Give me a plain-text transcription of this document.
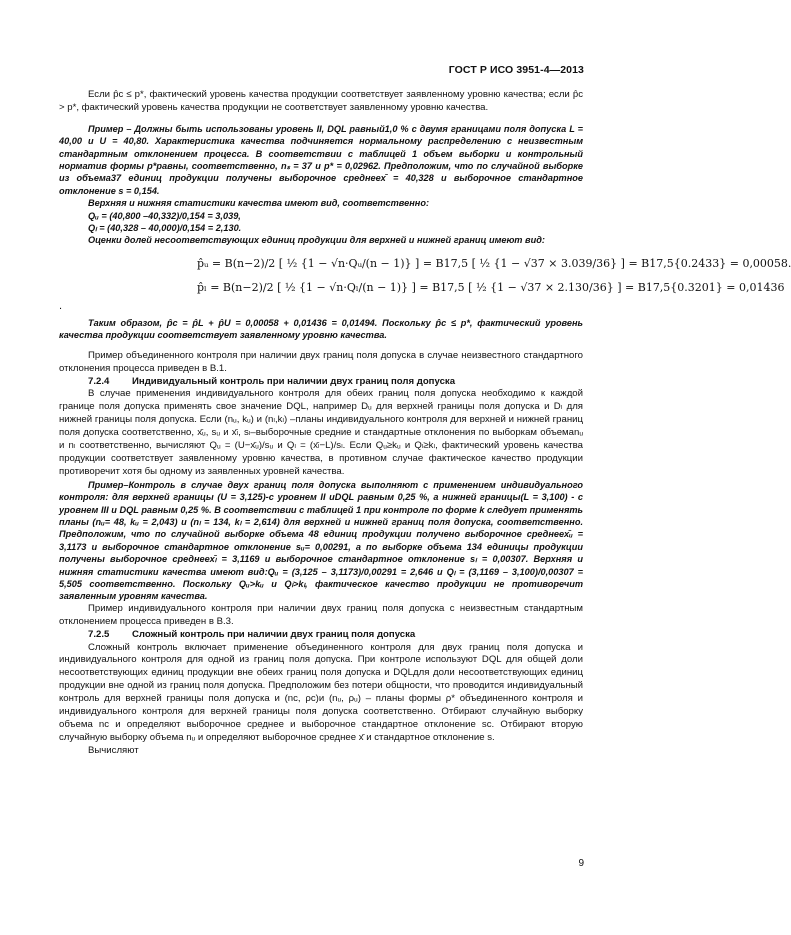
ГОСТ Р ИСО 3951-4—2013

Если p̂c ≤ p*, фактический уровень качества продукции соответствует заявленному уровню качества; если p̂c > p*, фактический уровень качества продукции не соответствует заявленному уровню качества.

Пример – Должны быть использованы уровень II, DQL равный1,0 % с двумя границами поля допуска L = 40,00 и U = 40,80. Характеристика качества подчиняется нормальному распределению с неизвестным стандартным отклонением процесса. В соответствии с таблицей 1 объем выборки и контрольный норматив формы p*равны, соответственно, nₛ = 37 и p* = 0,02962. Предположим, что по случайной выборке из объема37 единиц продукции получены выборочное среднеех̄ = 40,328 и выборочное стандартное отклонение s = 0,154.

Верхняя и нижняя статистики качества имеют вид, соответственно:

Qᵤ = (40,800 –40,332)/0,154 = 3,039,

Qₗ = (40,328 – 40,000)/0,154 = 2,130.

Оценки долей несоответствующих единиц продукции для верхней и нижней границ имеют вид:

p̂ᵤ = B(n−2)/2 [ ½ {1 − √n·Qᵤ/(n − 1)} ] = B17,5 [ ½ {1 − √37 × 3.039/36} ] = B17,5{0.2433} = 0,00058.
p̂ₗ = B(n−2)/2 [ ½ {1 − √n·Qₗ/(n − 1)} ] = B17,5 [ ½ {1 − √37 × 2.130/36} ] = B17,5{0.3201} = 0,01436
.

Таким образом, p̂c = p̂L + p̂U = 0,00058 + 0,01436 = 0,01494. Поскольку p̂c ≤ p*, фактический уровень качества продукции соответствует заявленному уровню качества.

Пример объединенного контроля при наличии двух границ поля допуска в случае неизвестного стандартного отклонения процесса приведен в В.1.

7.2.4 Индивидуальный контроль при наличии двух границ поля допуска

В случае применения индивидуального контроля для обеих границ поля допуска необходимо к каждой границе поля допуска применять свое значение DQL, например Dᵤ для верхней границы поля допуска и Dₗ для нижней границы поля допуска. Если (nᵤ, kᵤ) и (nₗ,kₗ) –планы индивидуального контроля для верхней и нижней границ поля допуска соответственно, х̄ᵤ, sᵤ и х̄ₗ, sₗ–выборочные средние и стандартные отклонения по выборкам объемаnᵤ и nₗ соответственно, вычисляют Qᵤ = (U−х̄ᵤ)/sᵤ и Qₗ = (х̄ₗ−L)/sₗ. Если Qᵤ≥kᵤ и Qₗ≥kₗ, фактический уровень качества продукции соответствует заявленному уровню качества, в противном случае фактическое качество продукции противоречит хотя бы одному из заявленных уровней качества.

Пример–Контроль в случае двух границ поля допуска выполняют с применением индивидуального контроля: для верхней границы (U = 3,125)-с уровнем II uDQL равным 0,25 %, а нижней границы(L = 3,100) - с уровнем III u DQL равным 0,25 %. В соответствии с таблицей 1 при контроле по форме k следует применять планы (nᵤ= 48, kᵤ = 2,043) и (nₗ = 134, kₗ = 2,614) для верхней и нижней границ поля допуска, соответственно. Предположим, что по случайной выборке объема 48 единиц продукции получено выборочное среднеех̄ᵤ = 3,1173 и выборочное стандартное отклонение sᵤ= 0,00291, а по выборке объема 134 единицы продукции получены выборочное среднеех̄ₗ = 3,1169 и выборочное стандартное отклонение sₗ = 0,00307. Верхняя и нижняя статистики качества имеют вид:Qᵤ = (3,125 – 3,1173)/0,00291 = 2,646 и Qₗ = (3,1169 – 3,100)/0,00307 = 5,505 соответственно. Поскольку Qᵤ>kᵤ и Qₗ>kₗ, фактическое качество продукции не противоречит заявленным уровням качества.

Пример индивидуального контроля при наличии двух границ поля допуска с неизвестным стандартным отклонением процесса приведен в В.3.

7.2.5 Сложный контроль при наличии двух границ поля допуска

Сложный контроль включает применение объединенного контроля для двух границ поля допуска и индивидуального контроля для одной из границ поля допуска. При контроле используют DQL для общей доли несоответствующих единиц продукции вне обеих границ поля допуска и DQLдля доли несоответствующих единиц продукции вне одной из границ поля допуска. Предположим без потери общности, что проводится индивидуальный контроль для верхней границы поля допуска и (nc, ρc)и (nᵤ, ρᵤ) – планы формы ρ* объединенного контроля и индивидуального контроля для верхней границы поля допуска соответственно. Отбирают случайную выборку объема nc и определяют выборочное среднее и выборочное стандартное отклонение sc. Отбирают вторую случайную выборку объема nᵤ и определяют выборочное среднее х̄ и стандартное отклонение s.

Вычисляют

9
